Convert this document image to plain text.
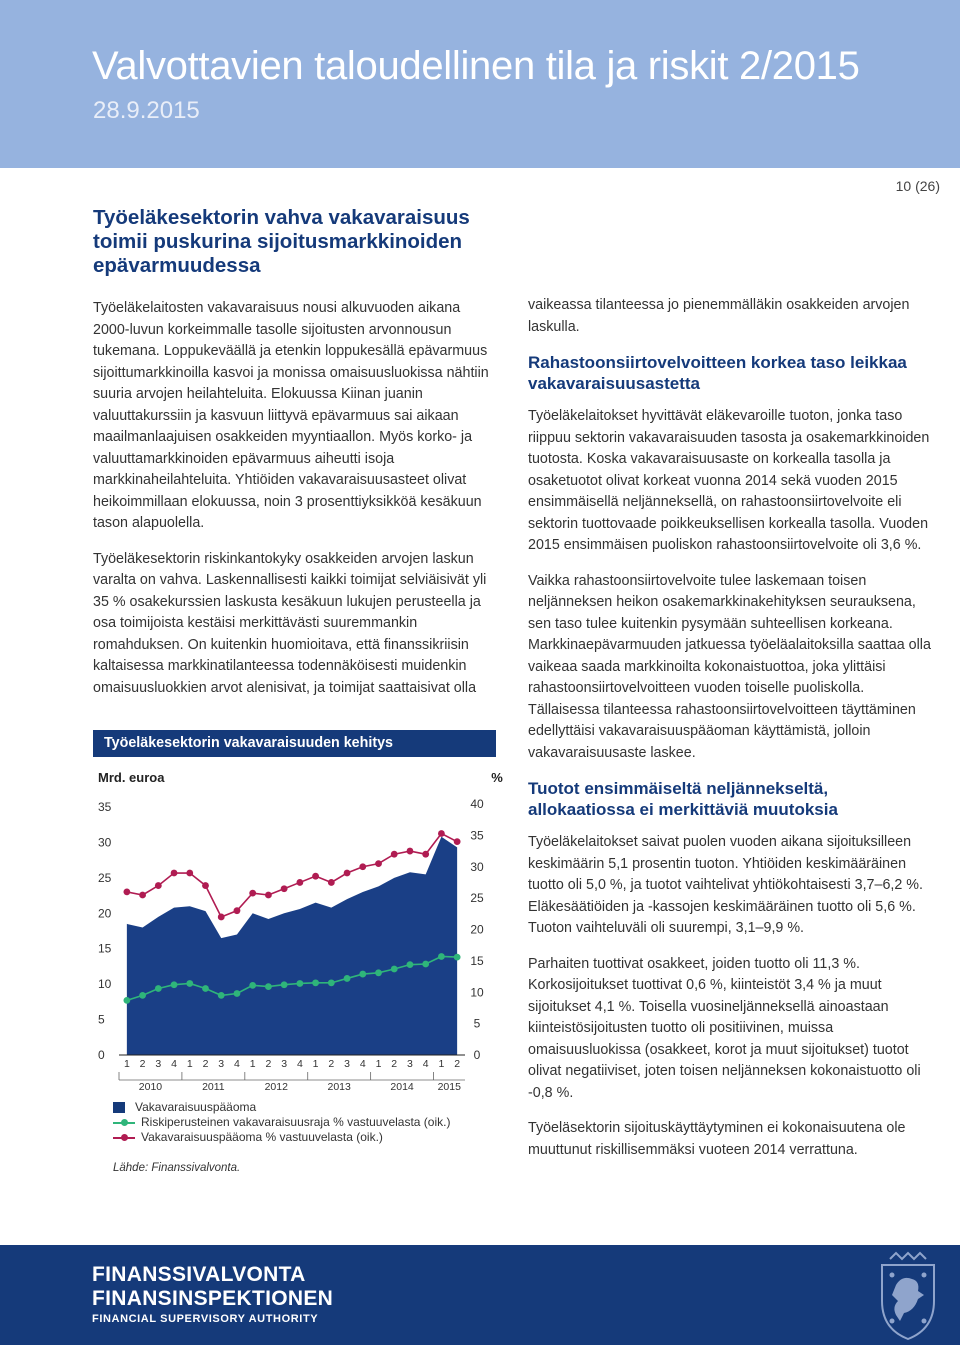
Valvottavien taloudellinen tila ja riskit 2/2015
28.9.2015
10 (26)
Työeläkesektorin vahva vakavaraisuus toimii puskurina sijoitusmarkkinoiden epävarmuudessa

Työeläkelaitosten vakavaraisuus nousi alkuvuoden aikana 2000-luvun korkeimmalle tasolle sijoitusten arvonnousun tukemana. Loppukeväällä ja etenkin loppukesällä epävarmuus sijoittumarkkinoilla kasvoi ja monissa omaisuusluokissa nähtiin suuria arvojen heilahteluita. Elokuussa Kiinan juanin valuuttakurssiin ja kasvuun liittyvä epävarmuus sai aikaan maailmanlaajuisen osakkeiden myyntiaallon. Myös korko- ja valuuttamarkkinoiden epävarmuus aiheutti isoja markkinaheilahteluita. Yhtiöiden vakavaraisuusasteet olivat heikoimmillaan elokuussa, noin 3 prosenttiyksikköä kesäkuun tason alapuolella.

Työeläkesektorin riskinkantokyky osakkeiden arvojen laskun varalta on vahva. Laskennallisesti kaikki toimijat selviäisivät yli 35 % osakekurssien laskusta kesäkuun lukujen perusteella ja osa toimijoista kestäisi merkittävästi suuremmankin romahduksen. On kuitenkin huomioitava, että finanssikriisin kaltaisessa markkinatilanteessa todennäköisesti muidenkin omaisuusluokkien arvot alenisivat, ja toimijat saattaisivat olla

Työeläkesektorin vakavaraisuuden kehitys
Mrd. euroa	%
0
5
10
15
20
25
30
35
0
5
10
15
20
25
30
35
40
1 2 3 4 1 2 3 4 1 2 3 4 1 2 3 4 1 2 3 4 1 2
2010	2011	2012	2013	2014 2015
Vakavaraisuuspääoma
Riskiperusteinen vakavaraisuusraja % vastuuvelasta (oik.)
Vakavaraisuuspääoma % vastuuvelasta (oik.)
Lähde: Finanssivalvonta.

vaikeassa tilanteessa jo pienemmälläkin osakkeiden arvojen laskulla.

Rahastoonsiirtovelvoitteen korkea taso leikkaa vakavaraisuusastetta

Työeläkelaitokset hyvittävät eläkevaroille tuoton, jonka taso riippuu sektorin vakavaraisuuden tasosta ja osakemarkkinoiden tuotosta. Koska vakavaraisuusaste on korkealla tasolla ja osaketuotot olivat korkeat vuonna 2014 sekä vuoden 2015 ensimmäisellä neljänneksellä, on rahastoonsiirtovelvoite eli sektorin tuottovaade poikkeuksellisen korkealla tasolla. Vuoden 2015 ensimmäisen puoliskon rahastoonsiirtovelvoite oli 3,6 %.

Vaikka rahastoonsiirtovelvoite tulee laskemaan toisen neljänneksen heikon osakemarkkinakehityksen seurauksena, sen taso tulee kuitenkin pysymään suhteellisen korkeana. Markkinaepävarmuuden jatkuessa työeläalaitoksilla saattaa olla vaikeaa saada markkinoilta kokonaistuottoa, joka ylittäisi rahastoonsiirtovelvoitteen vuoden toiselle puoliskolla. Tällaisessa tilanteessa rahastoonsiirtovelvoitteen täyttäminen edellyttäisi vakavaraisuuspääoman käyttämistä, jolloin vakavaraisuusaste laskee.

Tuotot ensimmäiseltä neljännekseltä, allokaatiossa ei merkittäviä muutoksia

Työeläkelaitokset saivat puolen vuoden aikana sijoituksilleen keskimäärin 5,1 prosentin tuoton. Yhtiöiden keskimääräinen tuotto oli 5,0 %, ja tuotot vaihtelivat yhtiökohtaisesti 3,7–6,2 %. Eläkesäätiöiden ja -kassojen keskimääräinen tuotto oli 5,6 %. Tuoton vaihteluväli oli suurempi, 3,1–9,9 %.

Parhaiten tuottivat osakkeet, joiden tuotto oli 11,3 %. Korkosijoitukset tuottivat 0,6 %, kiinteistöt 3,4 % ja muut sijoitukset 4,1 %. Toisella vuosineljänneksellä ainoastaan kiinteistösijoitusten tuotto oli positiivinen, muissa omaisuusluokissa (osakkeet, korot ja muut sijoitukset) tuotot olivat negatiiviset, joten toisen neljänneksen kokonaistuotto oli -0,8 %.

Työeläsektorin sijoituskäyttäytyminen ei kokonaisuutena ole muuttunut riskillisemmäksi vuoteen 2014 verrattuna.

FINANSSIVALVONTA
FINANSINSPEKTIONEN
FINANCIAL SUPERVISORY AUTHORITY
